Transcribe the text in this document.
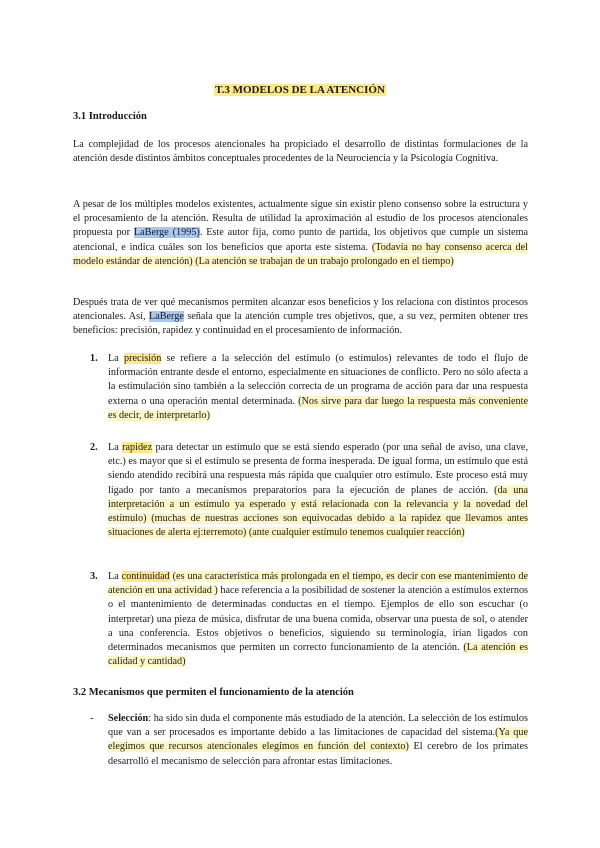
T.3 MODELOS DE LA ATENCIÓN
3.1 Introducción
La complejidad de los procesos atencionales ha propiciado el desarrollo de distintas formulaciones de la atención desde distintos ámbitos conceptuales procedentes de la Neurociencia y la Psicología Cognitiva.
A pesar de los múltiples modelos existentes, actualmente sigue sin existir pleno consenso sobre la estructura y el procesamiento de la atención. Resulta de utilidad la aproximación al estudio de los procesos atencionales propuesta por LaBerge (1995). Este autor fija, como punto de partida, los objetivos que cumple un sistema atencional, e indica cuáles son los beneficios que aporta este sistema. (Todavía no hay consenso acerca del modelo estándar de atención) (La atención se trabajan de un trabajo prolongado en el tiempo)
Después trata de ver qué mecanismos permiten alcanzar esos beneficios y los relaciona con distintos procesos atencionales. Así, LaBerge señala que la atención cumple tres objetivos, que, a su vez, permiten obtener tres beneficios: precisión, rapidez y continuidad en el procesamiento de información.
1. La precisión se refiere a la selección del estímulo (o estímulos) relevantes de todo el flujo de información entrante desde el entorno, especialmente en situaciones de conflicto. Pero no sólo afecta a la estimulación sino también a la selección correcta de un programa de acción para dar una respuesta externa o una operación mental determinada. (Nos sirve para dar luego la respuesta más conveniente es decir, de interpretarlo)
2. La rapidez para detectar un estímulo que se está siendo esperado (por una señal de aviso, una clave, etc.) es mayor que si el estímulo se presenta de forma inesperada. De igual forma, un estímulo que está siendo atendido recibirá una respuesta más rápida que cualquier otro estímulo. Este proceso está muy ligado por tanto a mecanismos preparatorios para la ejecución de planes de acción. (da una interpretación a un estímulo ya esperado y está relacionada con la relevancia y la novedad del estímulo) (muchas de nuestras acciones son equivocadas debido a la rapidez que llevamos antes situaciones de alerta ej:terremoto) (ante cualquier estímulo tenemos cualquier reacción)
3. La continuidad (es una característica más prolongada en el tiempo, es decir con ese mantenimiento de atención en una actividad ) hace referencia a la posibilidad de sostener la atención a estímulos externos o el mantenimiento de determinadas conductas en el tiempo. Ejemplos de ello son escuchar (o interpretar) una pieza de música, disfrutar de una buena comida, observar una puesta de sol, o atender a una conferencia. Estos objetivos o beneficios, siguiendo su terminología, irían ligados con determinados mecanismos que permiten un correcto funcionamiento de la atención. (La atención es calidad y cantidad)
3.2 Mecanismos que permiten el funcionamiento de la atención
- Selección: ha sido sin duda el componente más estudiado de la atención. La selección de los estímulos que van a ser procesados es importante debido a las limitaciones de capacidad del sistema.(Ya que elegimos que recursos atencionales elegimos en función del contexto) El cerebro de los primates desarrolló el mecanismo de selección para afrontar estas limitaciones.
